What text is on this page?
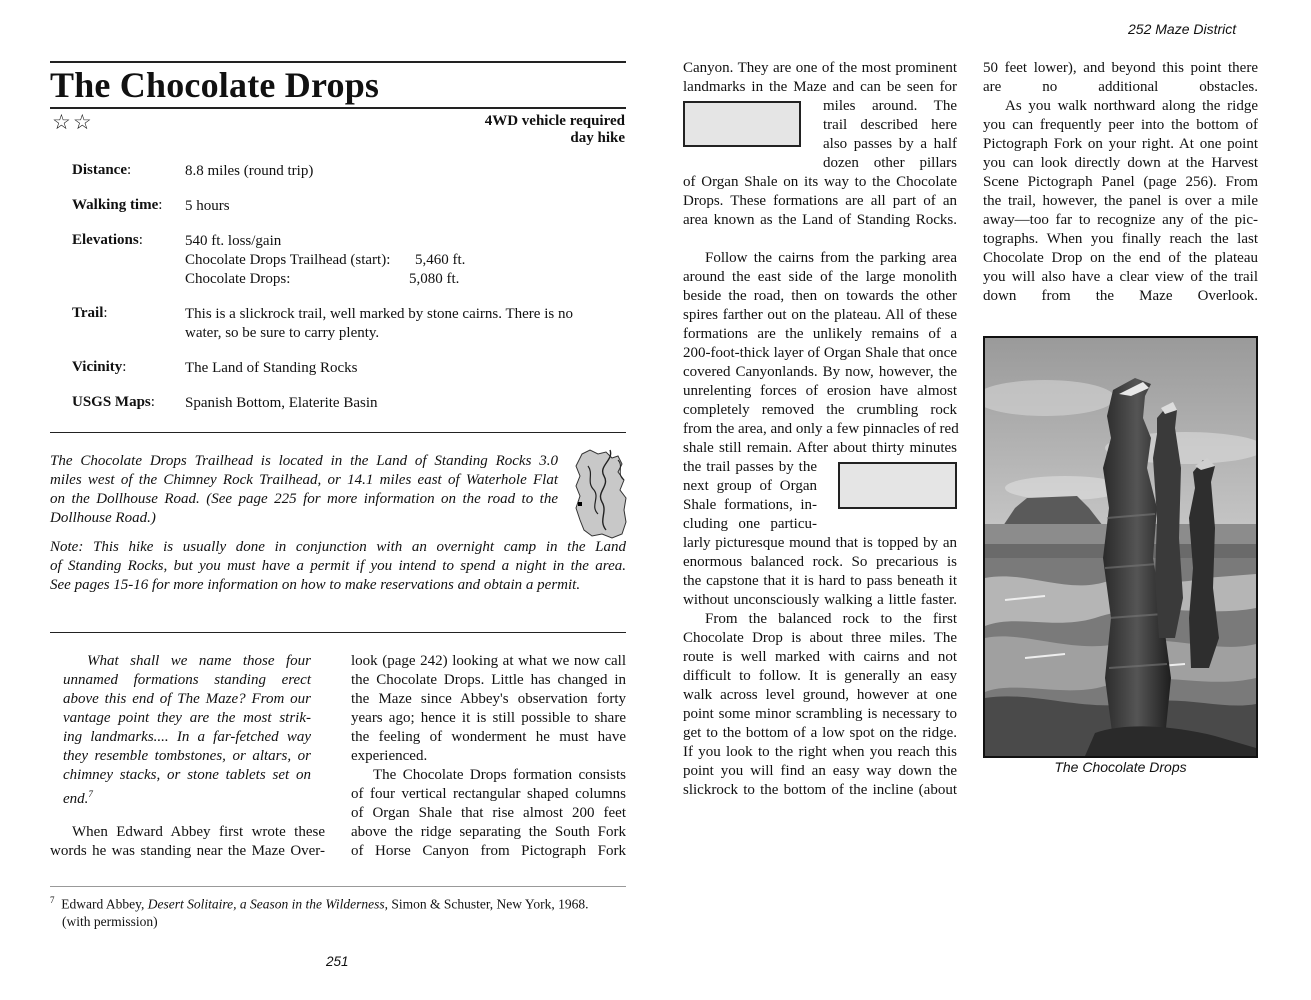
The Chocolate Drops
☆☆	4WD vehicle required
day hike
Distance:	8.8 miles (round trip)
Walking time: 5 hours
Elevations:	540 ft. loss/gain
Chocolate Drops Trailhead (start): 5,460 ft.
Chocolate Drops:	5,080 ft.
Trail:	This is a slickrock trail, well marked by stone cairns. There is no
water, so be sure to carry plenty.
Vicinity:	The Land of Standing Rocks
USGS Maps: Spanish Bottom, Elaterite Basin
The Chocolate Drops Trailhead is located in the Land of Standing Rocks 3.0
miles west of the Chimney Rock Trailhead, or 14.1 miles east of Waterhole Flat
on the Dollhouse Road. (See page 225 for more information on the road to the
Dollhouse Road.)
Note: This hike is usually done in conjunction with an overnight camp in the Land
of Standing Rocks, but you must have a permit if you intend to spend a night in the area.
See pages 15-16 for more information on how to make reservations and obtain a permit.
What shall we name those four
unnamed formations standing erect
above this end of The Maze? From our
vantage point they are the most strik-
ing landmarks.... In a far-fetched way
they resemble tombstones, or altars, or
chimney stacks, or stone tablets set on
end.$^7$
When Edward Abbey first wrote these
words he was standing near the Maze Over-
look (page 242) looking at what we now call
the Chocolate Drops. Little has changed in
the Maze since Abbey's observation forty
years ago; hence it is still possible to share
the feeling of wonderment he must have
experienced.
The Chocolate Drops formation consists
of four vertical rectangular shaped columns
of Organ Shale that rise almost 200 feet
above the ridge separating the South Fork
of Horse Canyon from Pictograph Fork
$^7$ Edward Abbey, Desert Solitaire, a Season in the Wilderness, Simon & Schuster, New York, 1968.
(with permission)
251
252 Maze District
Canyon. They are one of the most prominent
landmarks in the Maze and can be seen for
miles around. The
trail described here
also passes by a half
dozen other pillars
of Organ Shale on its way to the Chocolate
Drops. These formations are all part of an
area known as the Land of Standing Rocks.
Follow the cairns from the parking area
around the east side of the large monolith
beside the road, then on towards the other
spires farther out on the plateau. All of these
formations are the unlikely remains of a
200-foot-thick layer of Organ Shale that once
covered Canyonlands. By now, however, the
unrelenting forces of erosion have almost
completely removed the crumbling rock
from the area, and only a few pinnacles of red
shale still remain. After about thirty minutes
the trail passes by the
next group of Organ
Shale formations, in-
cluding one particu-
larly picturesque mound that is topped by an
enormous balanced rock. So precarious is
the capstone that it is hard to pass beneath it
without unconsciously walking a little faster.
From the balanced rock to the first
Chocolate Drop is about three miles. The
route is well marked with cairns and not
difficult to follow. It is generally an easy
walk across level ground, however at one
point some minor scrambling is necessary to
get to the bottom of a low spot on the ridge.
If you look to the right when you reach this
point you will find an easy way down the
slickrock to the bottom of the incline (about
50 feet lower), and beyond this point there
are no additional obstacles.
As you walk northward along the ridge
you can frequently peer into the bottom of
Pictograph Fork on your right. At one point
you can look directly down at the Harvest
Scene Pictograph Panel (page 256). From
the trail, however, the panel is over a mile
away—too far to recognize any of the pic-
tographs. When you finally reach the last
Chocolate Drop on the end of the plateau
you will also have a clear view of the trail
down from the Maze Overlook.
The Chocolate Drops
